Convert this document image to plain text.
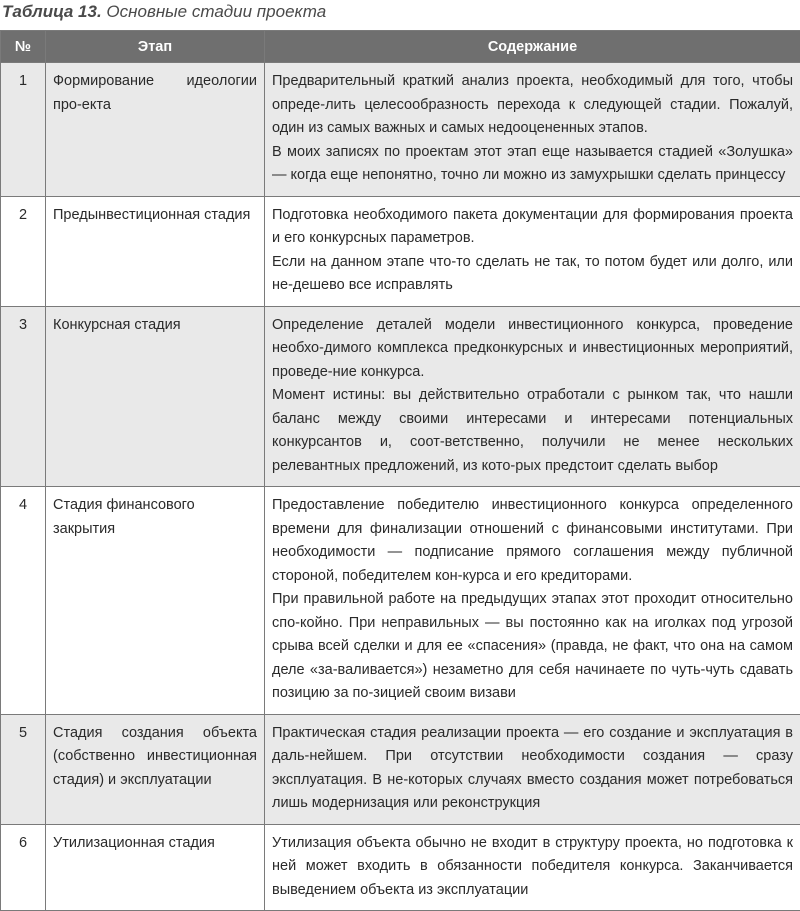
Таблица 13. Основные стадии проекта
№	Этап	Содержание
1	Формирование идеологии про-екта	Предварительный краткий анализ проекта, необходимый для того, чтобы опреде-лить целесообразность перехода к следующей стадии. Пожалуй, один из самых важных и самых недооцененных этапов.

В моих записях по проектам этот этап еще называется стадией «Золушка» — когда еще непонятно, точно ли можно из замухрышки сделать принцессу

2	Предынвестиционная стадия	Подготовка необходимого пакета документации для формирования проекта и его конкурсных параметров.

Если на данном этапе что-то сделать не так, то потом будет или долго, или не-дешево все исправлять

3	Конкурсная стадия	Определение деталей модели инвестиционного конкурса, проведение необхо-димого комплекса предконкурсных и инвестиционных мероприятий, проведе-ние конкурса.

Момент истины: вы действительно отработали с рынком так, что нашли баланс между своими интересами и интересами потенциальных конкурсантов и, соот-ветственно, получили не менее нескольких релевантных предложений, из кото-рых предстоит сделать выбор

4	Стадия финансового закрытия	Предоставление победителю инвестиционного конкурса определенного времени для финализации отношений с финансовыми институтами. При необходимости — подписание прямого соглашения между публичной стороной, победителем кон-курса и его кредиторами.

При правильной работе на предыдущих этапах этот проходит относительно спо-койно. При неправильных — вы постоянно как на иголках под угрозой срыва всей сделки и для ее «спасения» (правда, не факт, что она на самом деле «за-валивается») незаметно для себя начинаете по чуть-чуть сдавать позицию за по-зицией своим визави

5	Стадия создания объекта (собственно инвестиционная стадия) и эксплуатации	Практическая стадия реализации проекта — его создание и эксплуатация в даль-нейшем. При отсутствии необходимости создания — сразу эксплуатация. В не-которых случаях вместо создания может потребоваться лишь модернизация или реконструкция

6	Утилизационная стадия	Утилизация объекта обычно не входит в структуру проекта, но подготовка к ней может входить в обязанности победителя конкурса. Заканчивается выведением объекта из эксплуатации
